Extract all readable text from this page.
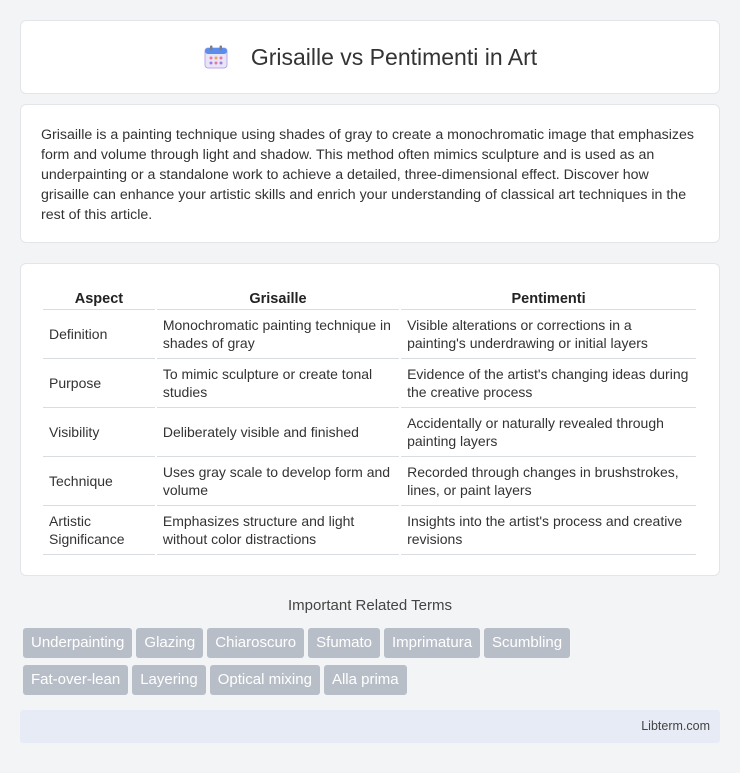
Grisaille vs Pentimenti in Art

Grisaille is a painting technique using shades of gray to create a monochromatic image that emphasizes form and volume through light and shadow. This method often mimics sculpture and is used as an underpainting or a standalone work to achieve a detailed, three-dimensional effect. Discover how grisaille can enhance your artistic skills and enrich your understanding of classical art techniques in the rest of this article.

Aspect	Grisaille	Pentimenti
Definition	Monochromatic painting technique in shades of gray	Visible alterations or corrections in a painting's underdrawing or initial layers
Purpose	To mimic sculpture or create tonal studies	Evidence of the artist's changing ideas during the creative process
Visibility	Deliberately visible and finished	Accidentally or naturally revealed through painting layers
Technique	Uses gray scale to develop form and volume	Recorded through changes in brushstrokes, lines, or paint layers
Artistic Significance	Emphasizes structure and light without color distractions	Insights into the artist's process and creative revisions
Important Related Terms
Underpainting Glazing Chiaroscuro Sfumato Imprimatura Scumbling
Fat-over-lean Layering Optical mixing Alla prima
Libterm.com
